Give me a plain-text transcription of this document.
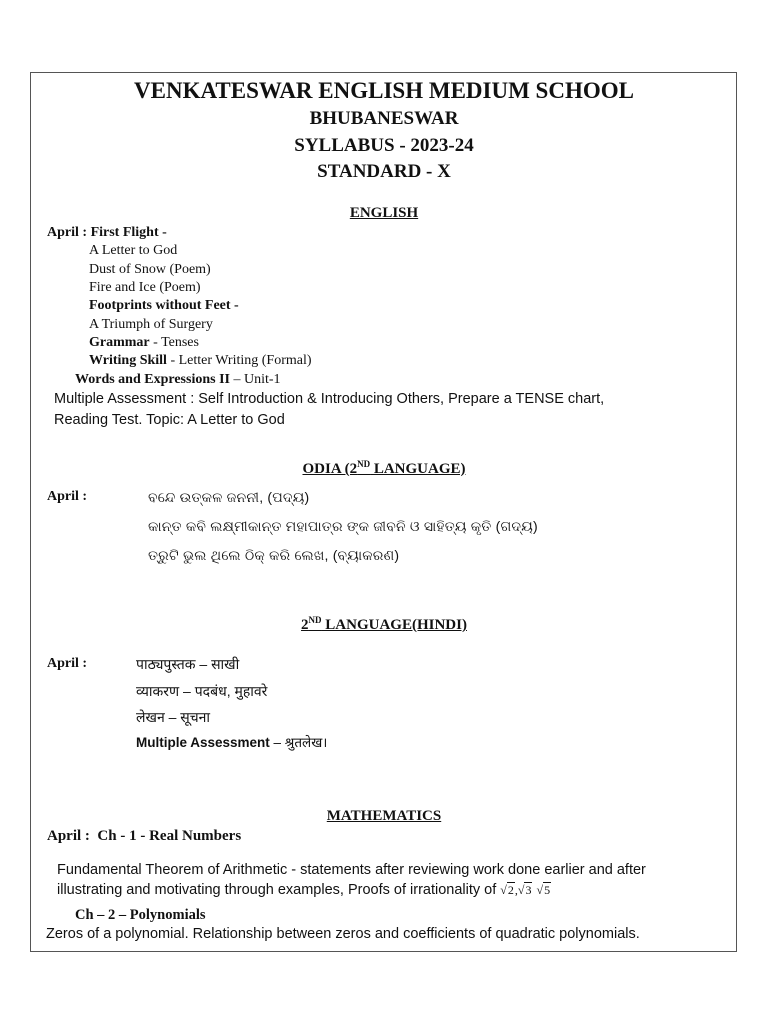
VENKATESWAR ENGLISH MEDIUM SCHOOL
BHUBANESWAR
SYLLABUS - 2023-24
STANDARD - X
ENGLISH
April : First Flight -
A Letter to God
Dust of Snow (Poem)
Fire and Ice (Poem)
Footprints without Feet -
A Triumph of Surgery
Grammar - Tenses
Writing Skill - Letter Writing (Formal)
Words and Expressions II – Unit-1
Multiple Assessment : Self Introduction & Introducing Others, Prepare a TENSE chart,
Reading Test. Topic: A Letter to God
ODIA (2ND LANGUAGE)
April :	ବନ୍ଦେ ଉତ୍କଳ ଜନନୀ, (ପଦ୍ୟ)
କାନ୍ତ କବି ଲକ୍ଷ୍ମୀକାନ୍ତ ମହାପାତ୍ର ଙ୍କ ଜୀବନି ଓ ସାହିତ୍ୟ କୃତି (ଗଦ୍ୟ)
ତ୍ରୁଟି ଭୁଲ ଥିଲେ ଠିକ୍ କରି ଲେଖ, (ବ୍ୟାକରଣ)
2ND LANGUAGE(HINDI)
April :	पाठ्यपुस्तक – साखी
व्याकरण – पदबंध, मुहावरे
लेखन – सूचना
Multiple Assessment – श्रुतलेख।
MATHEMATICS
April : Ch - 1 - Real Numbers
Fundamental Theorem of Arithmetic - statements after reviewing work done earlier and after
illustrating and motivating through examples, Proofs of irrationality of √2,√3 √5
Ch – 2 – Polynomials
Zeros of a polynomial. Relationship between zeros and coefficients of quadratic polynomials.
